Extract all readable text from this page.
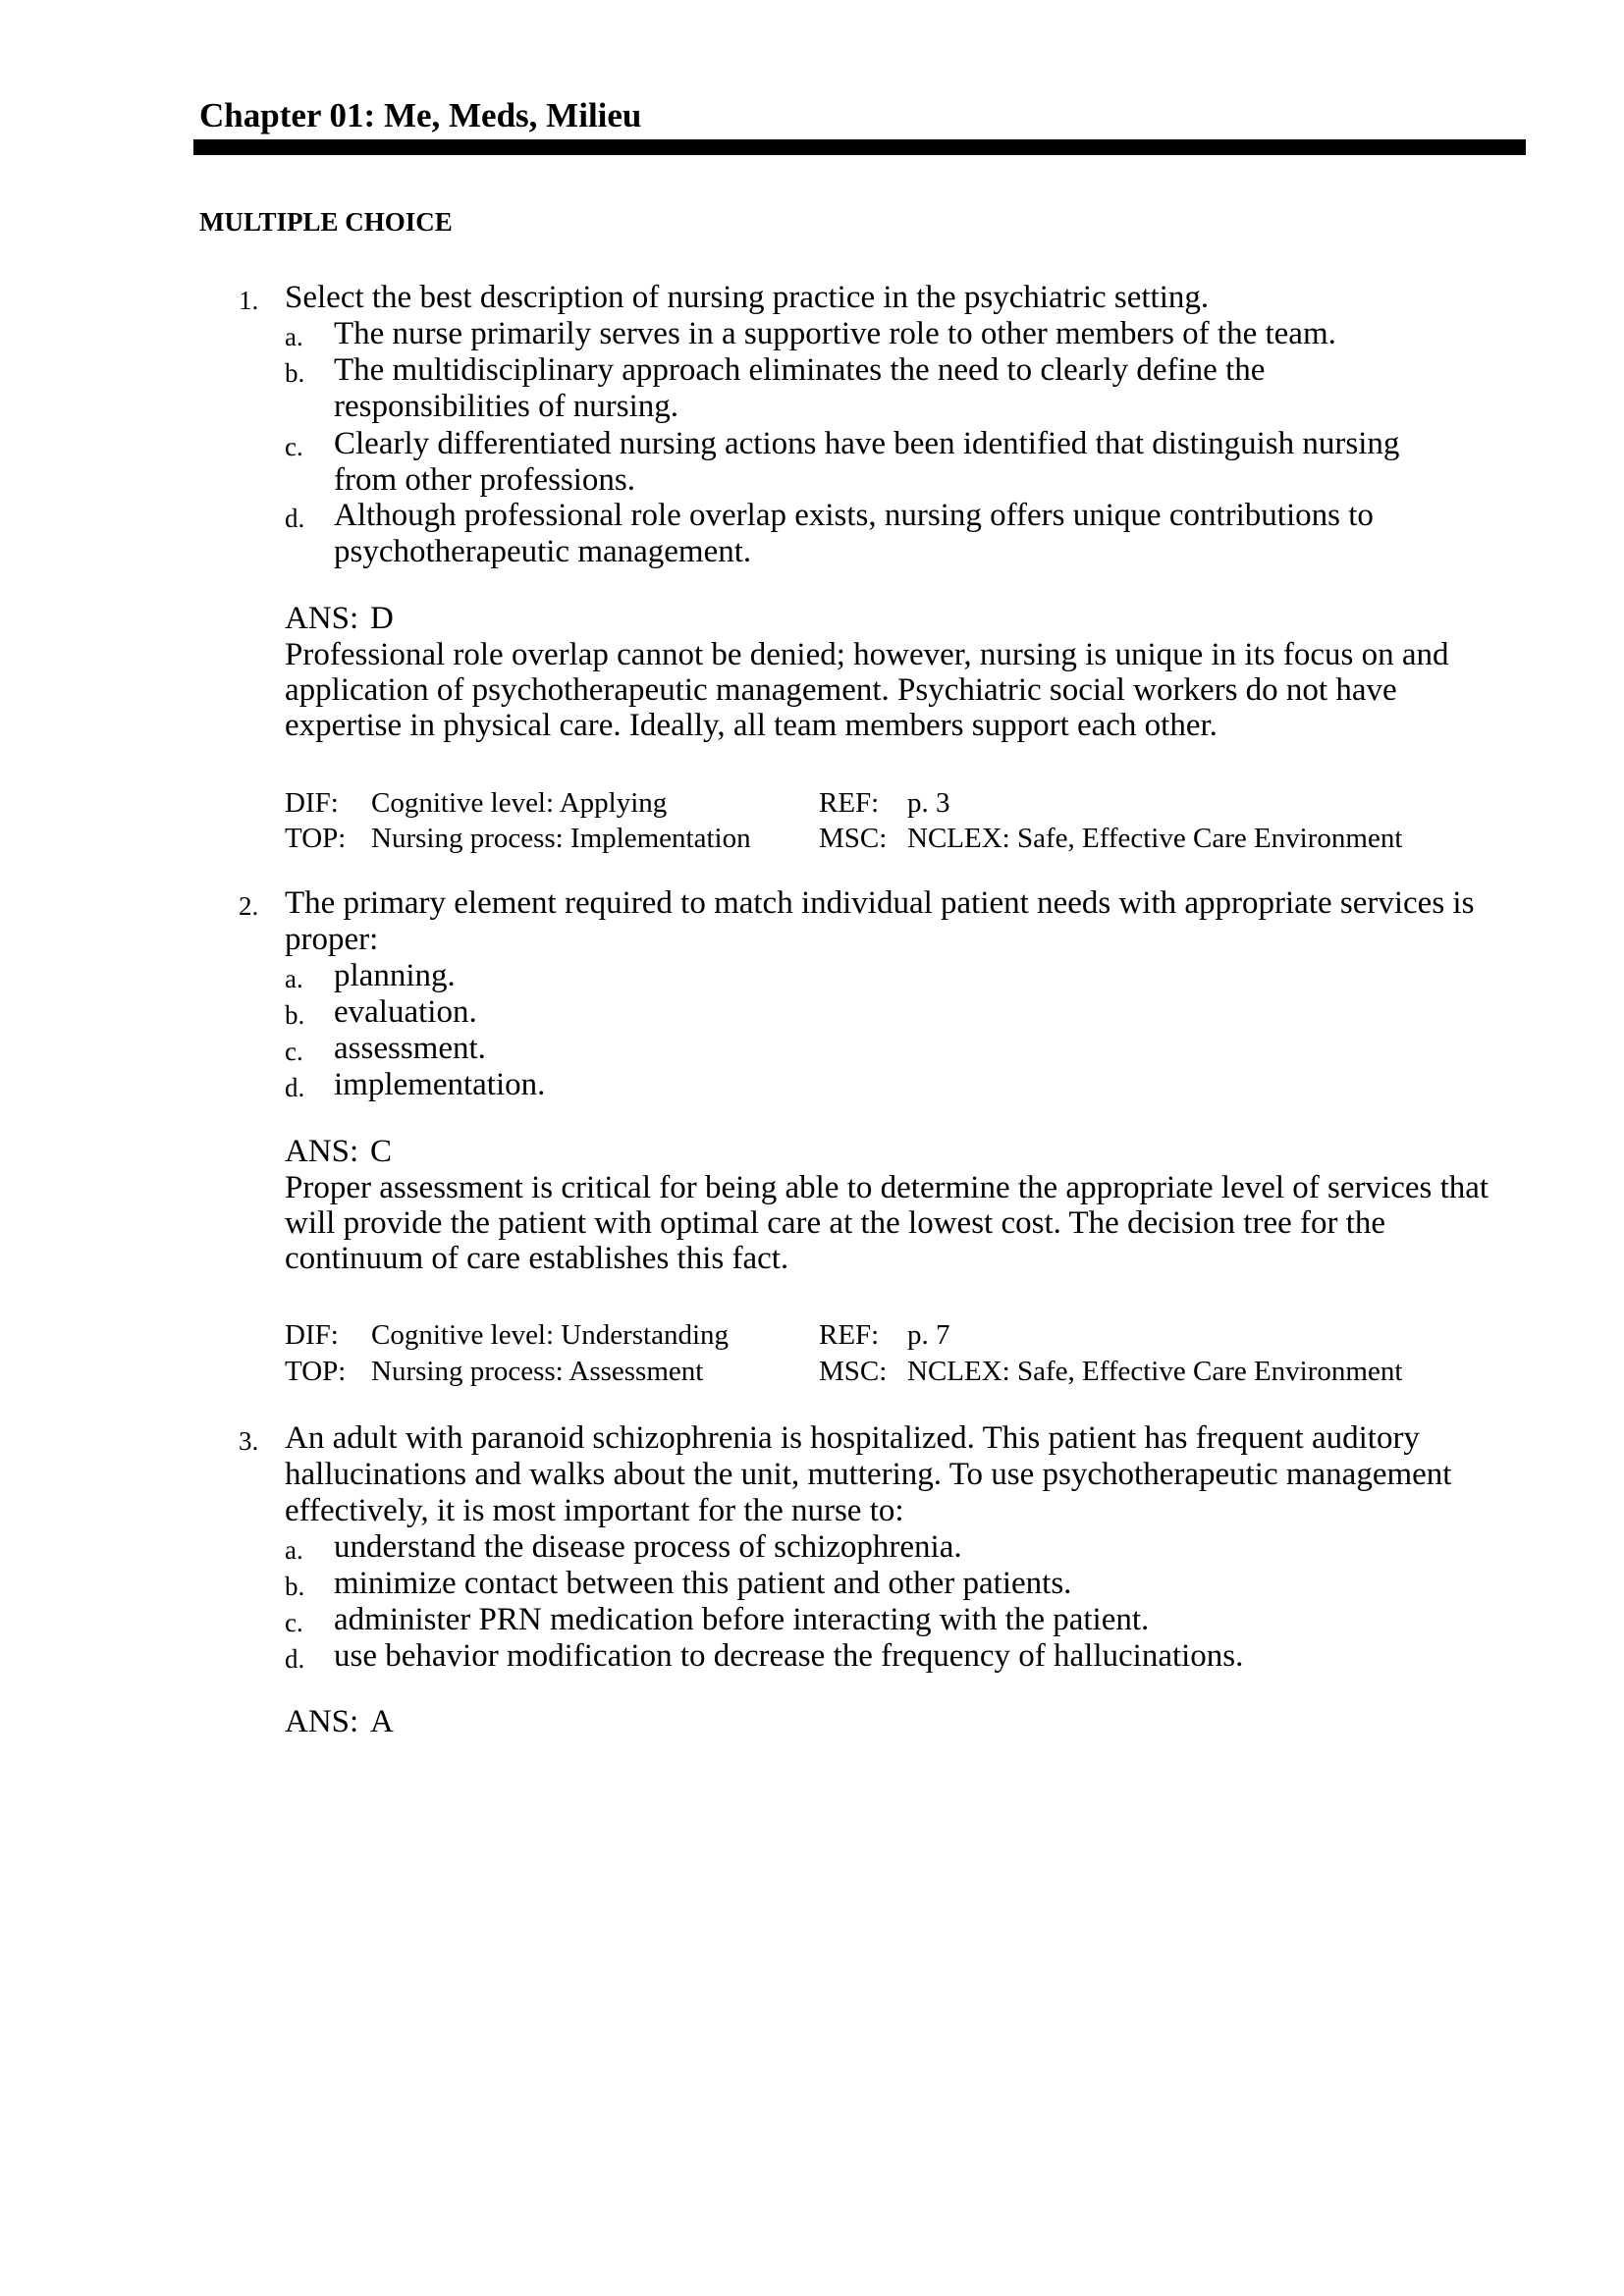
Chapter 01: Me, Meds, Milieu
MULTIPLE CHOICE
1. Select the best description of nursing practice in the psychiatric setting.
a. The nurse primarily serves in a supportive role to other members of the team.
b. The multidisciplinary approach eliminates the need to clearly define the
responsibilities of nursing.
c. Clearly differentiated nursing actions have been identified that distinguish nursing
from other professions.
d. Although professional role overlap exists, nursing offers unique contributions to
psychotherapeutic management.
ANS: D
Professional role overlap cannot be denied; however, nursing is unique in its focus on and
application of psychotherapeutic management. Psychiatric social workers do not have
expertise in physical care. Ideally, all team members support each other.
DIF: Cognitive level: Applying	REF: p. 3
TOP: Nursing process: Implementation MSC: NCLEX: Safe, Effective Care Environment
2. The primary element required to match individual patient needs with appropriate services is
proper:
a. planning.
b. evaluation.
c. assessment.
d. implementation.
ANS: C
Proper assessment is critical for being able to determine the appropriate level of services that
will provide the patient with optimal care at the lowest cost. The decision tree for the
continuum of care establishes this fact.
DIF: Cognitive level: Understanding	REF: p. 7
TOP: Nursing process: Assessment	MSC: NCLEX: Safe, Effective Care Environment
3. An adult with paranoid schizophrenia is hospitalized. This patient has frequent auditory
hallucinations and walks about the unit, muttering. To use psychotherapeutic management
effectively, it is most important for the nurse to:
a. understand the disease process of schizophrenia.
b. minimize contact between this patient and other patients.
c. administer PRN medication before interacting with the patient.
d. use behavior modification to decrease the frequency of hallucinations.
ANS: A
